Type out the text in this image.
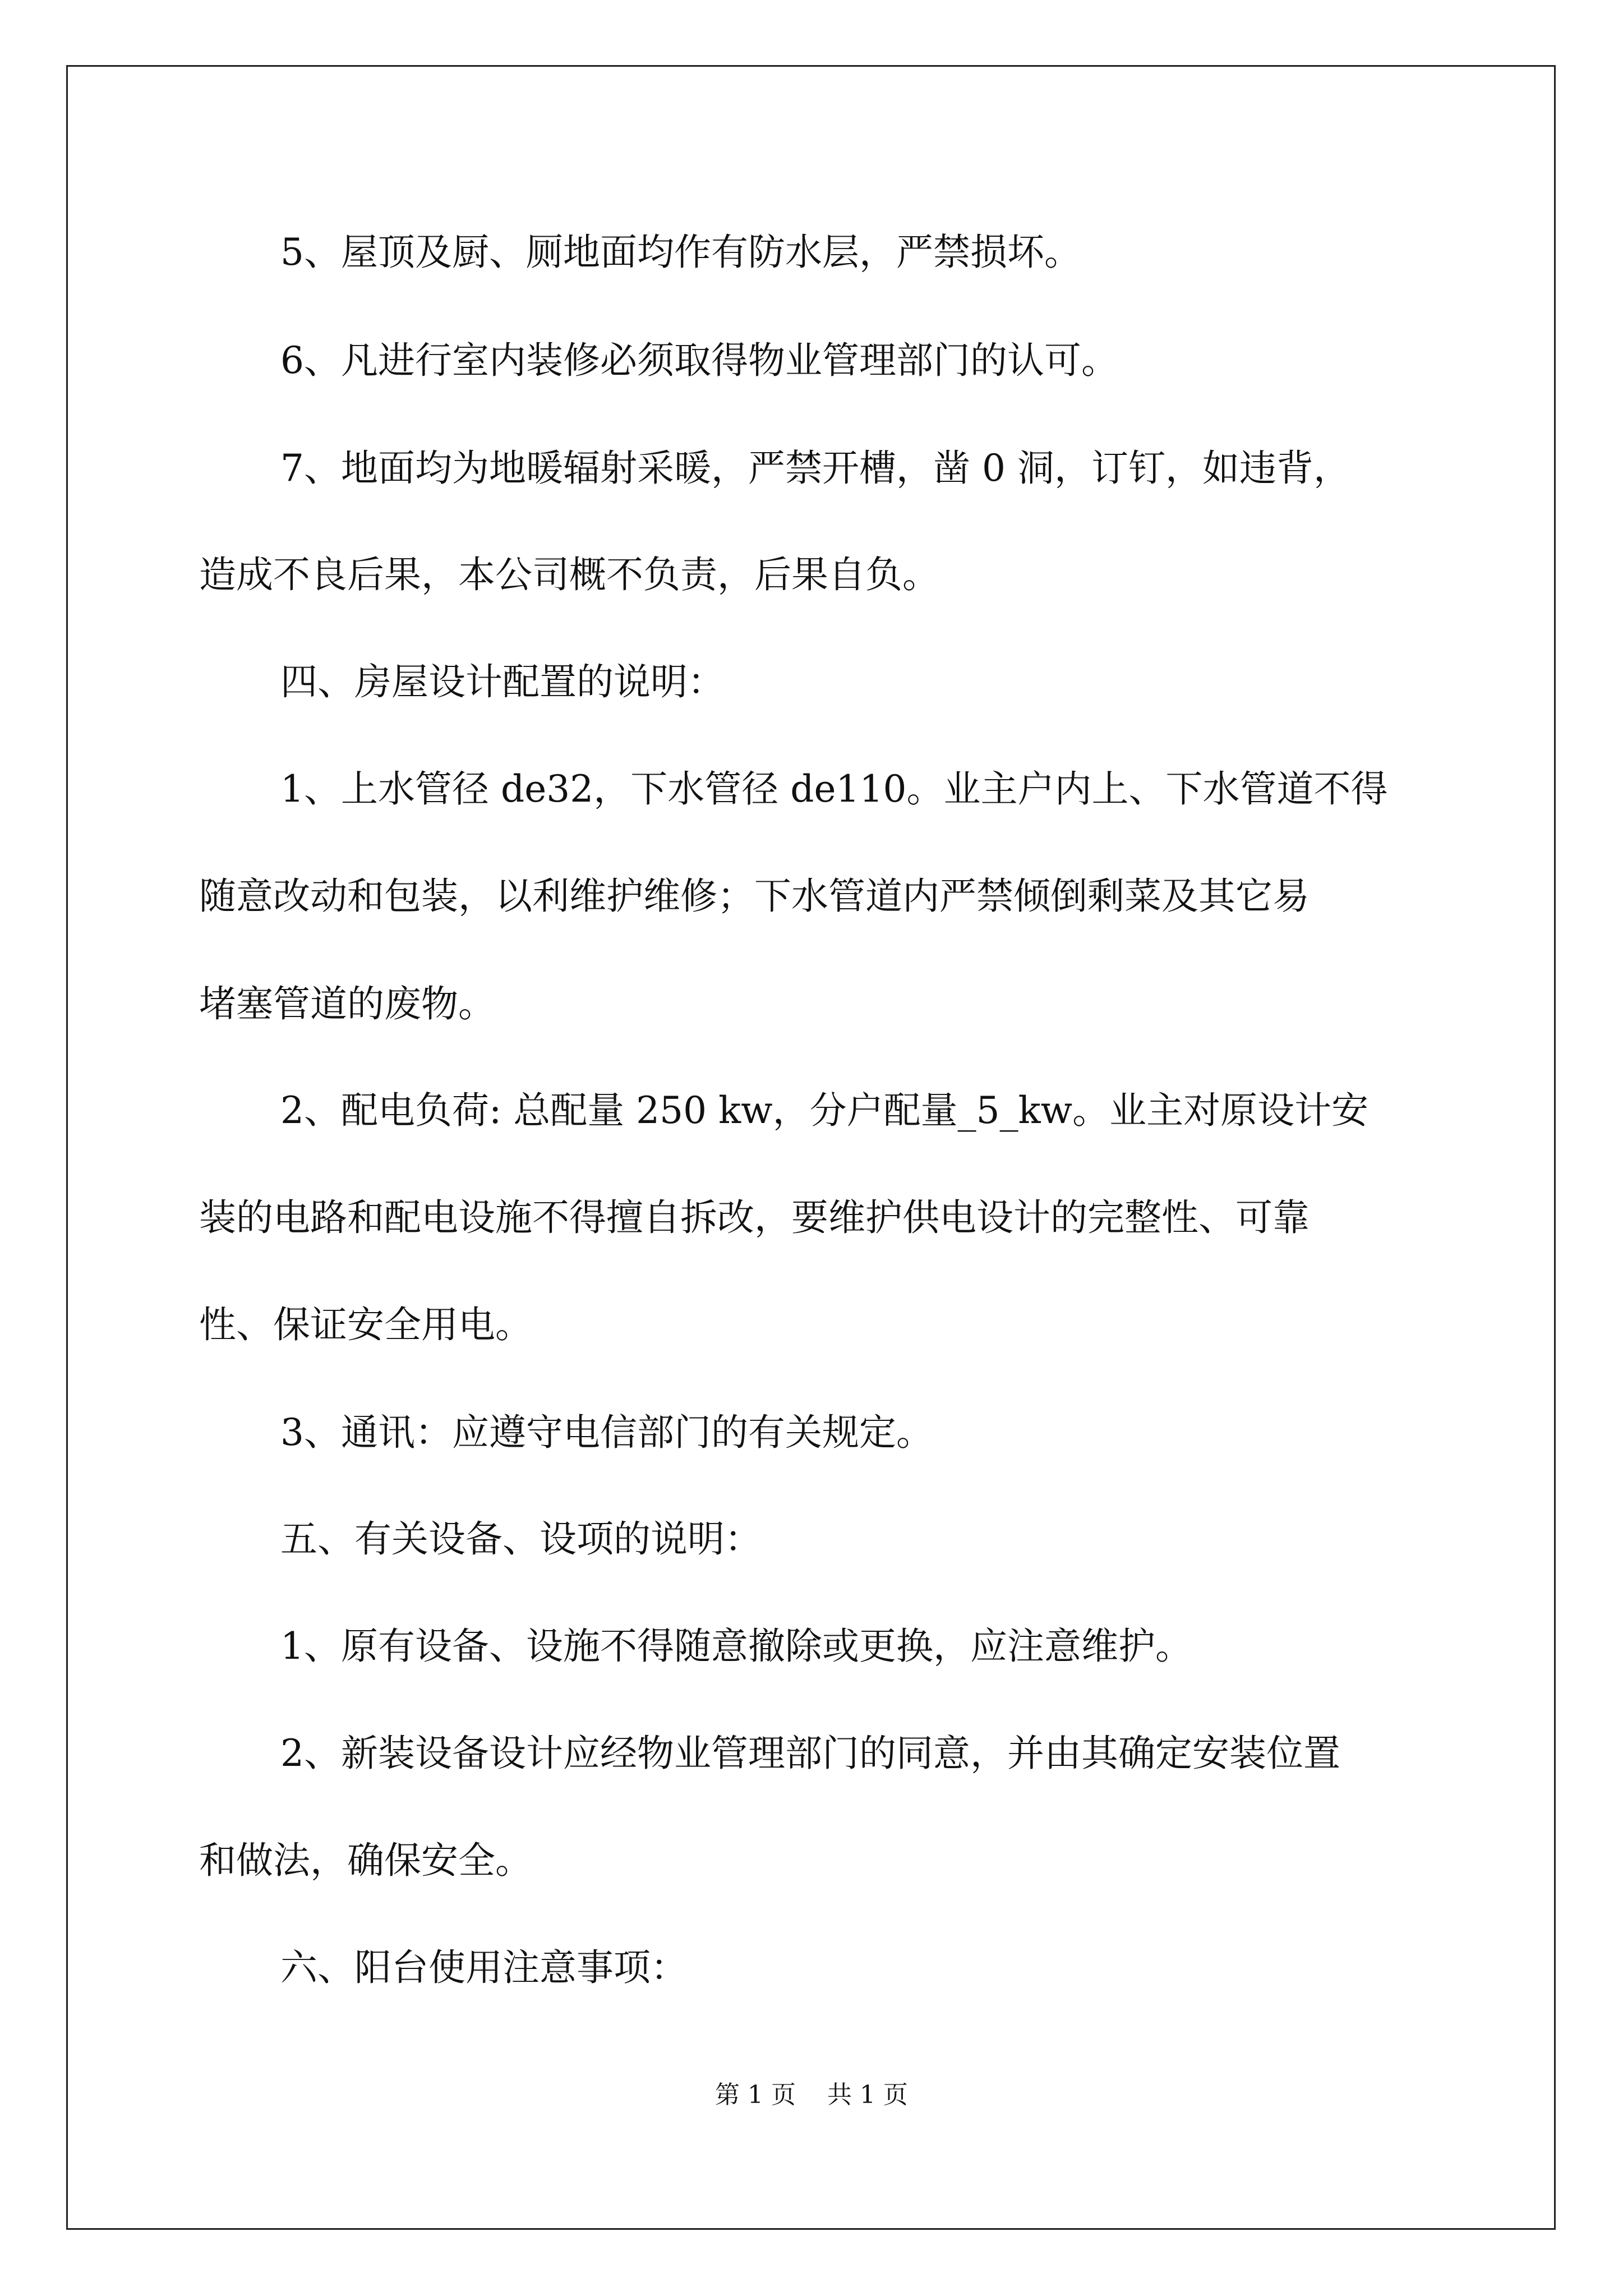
5、屋顶及厨、厕地面均作有防水层，严禁损坏。
6、凡进行室内装修必须取得物业管理部门的认可。
7、地面均为地暖辐射采暖，严禁开槽，凿 0 洞，订钉，如违背，
造成不良后果，本公司概不负责，后果自负。
四、房屋设计配置的说明：
1、上水管径 de32，下水管径 de110。业主户内上、下水管道不得
随意改动和包装，以利维护维修；下水管道内严禁倾倒剩菜及其它易
堵塞管道的废物。
2、配电负荷: 总配量 250 kw，分户配量_5_kw。业主对原设计安
装的电路和配电设施不得擅自拆改，要维护供电设计的完整性、可靠
性、保证安全用电。
3、通讯：应遵守电信部门的有关规定。
五、有关设备、设项的说明：
1、原有设备、设施不得随意撤除或更换，应注意维护。
2、新装设备设计应经物业管理部门的同意，并由其确定安装位置
和做法，确保安全。
六、阳台使用注意事项：
第 1 页    共 1 页
